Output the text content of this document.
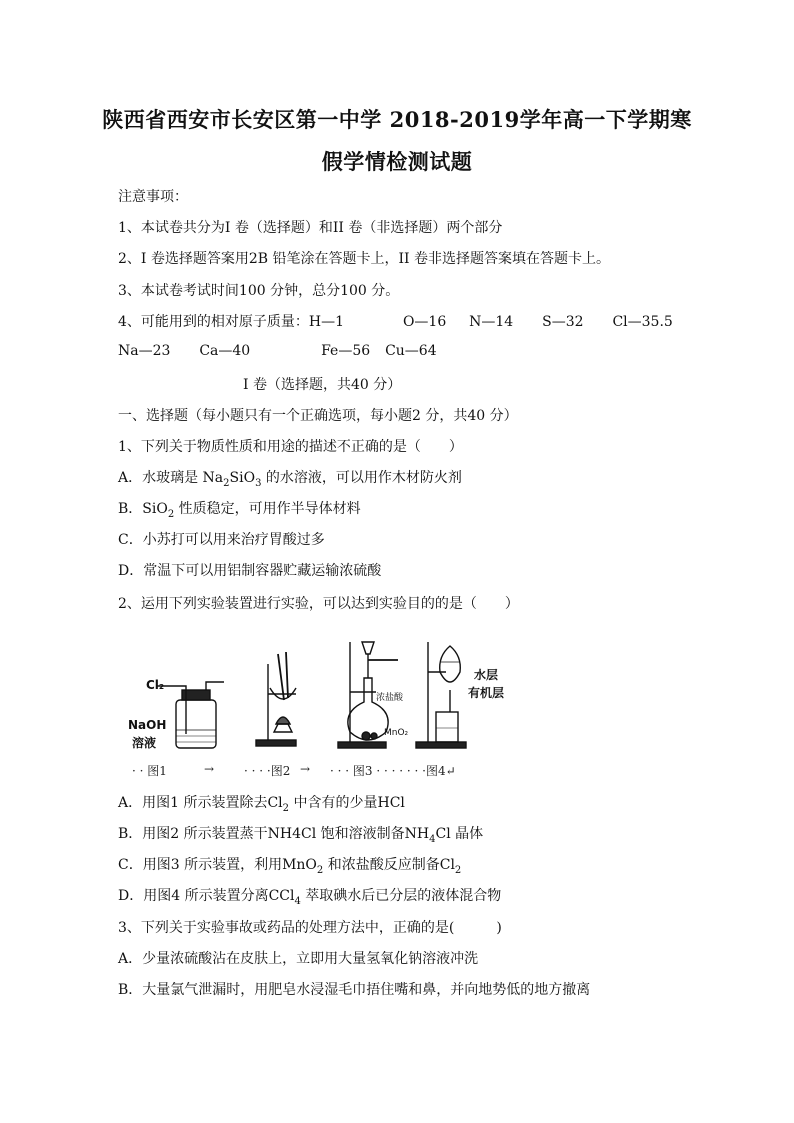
陕西省西安市长安区第一中学 2018-2019学年高一下学期寒
假学情检测试题
注意事项：
1、本试卷共分为I 卷（选择题）和II 卷（非选择题）两个部分
2、I 卷选择题答案用2B 铅笔涂在答题卡上，II 卷非选择题答案填在答题卡上。
3、本试卷考试时间100 分钟，总分100 分。
4、可能用到的相对原子质量：H—1	O—16 N—14 S—32 Cl—35.5
Na—23 Ca—40	Fe—56 Cu—64
I 卷（选择题，共40 分）
一、选择题（每小题只有一个正确选项，每小题2 分，共40 分）
1、下列关于物质性质和用途的描述不正确的是（　　）
A．水玻璃是 $Na_2SiO_3$ 的水溶液，可以用作木材防火剂
B．SiO$_2$ 性质稳定，可用作半导体材料
C．小苏打可以用来治疗胃酸过多
D．常温下可以用铝制容器贮藏运输浓硫酸
2、运用下列实验装置进行实验，可以达到实验目的的是（　　）
Cl₂
NaOH
溶液
浓盐酸
MnO₂
水层
有机层
· · 图1	→ · · · ·图2 → · · · 图3 · · · · · · · 图4↵
A．用图1 所示装置除去$Cl_2$ 中含有的少量HCl
B．用图2 所示装置蒸干NH4Cl 饱和溶液制备$NH_4Cl$ 晶体
C．用图3 所示装置，利用MnO$_2$ 和浓盐酸反应制备$Cl_2$
D．用图4 所示装置分离CCl$_4$ 萃取碘水后已分层的液体混合物
3、下列关于实验事故或药品的处理方法中，正确的是(　　　)
A．少量浓硫酸沾在皮肤上，立即用大量氢氧化钠溶液冲洗
B．大量氯气泄漏时，用肥皂水浸湿毛巾捂住嘴和鼻，并向地势低的地方撤离
